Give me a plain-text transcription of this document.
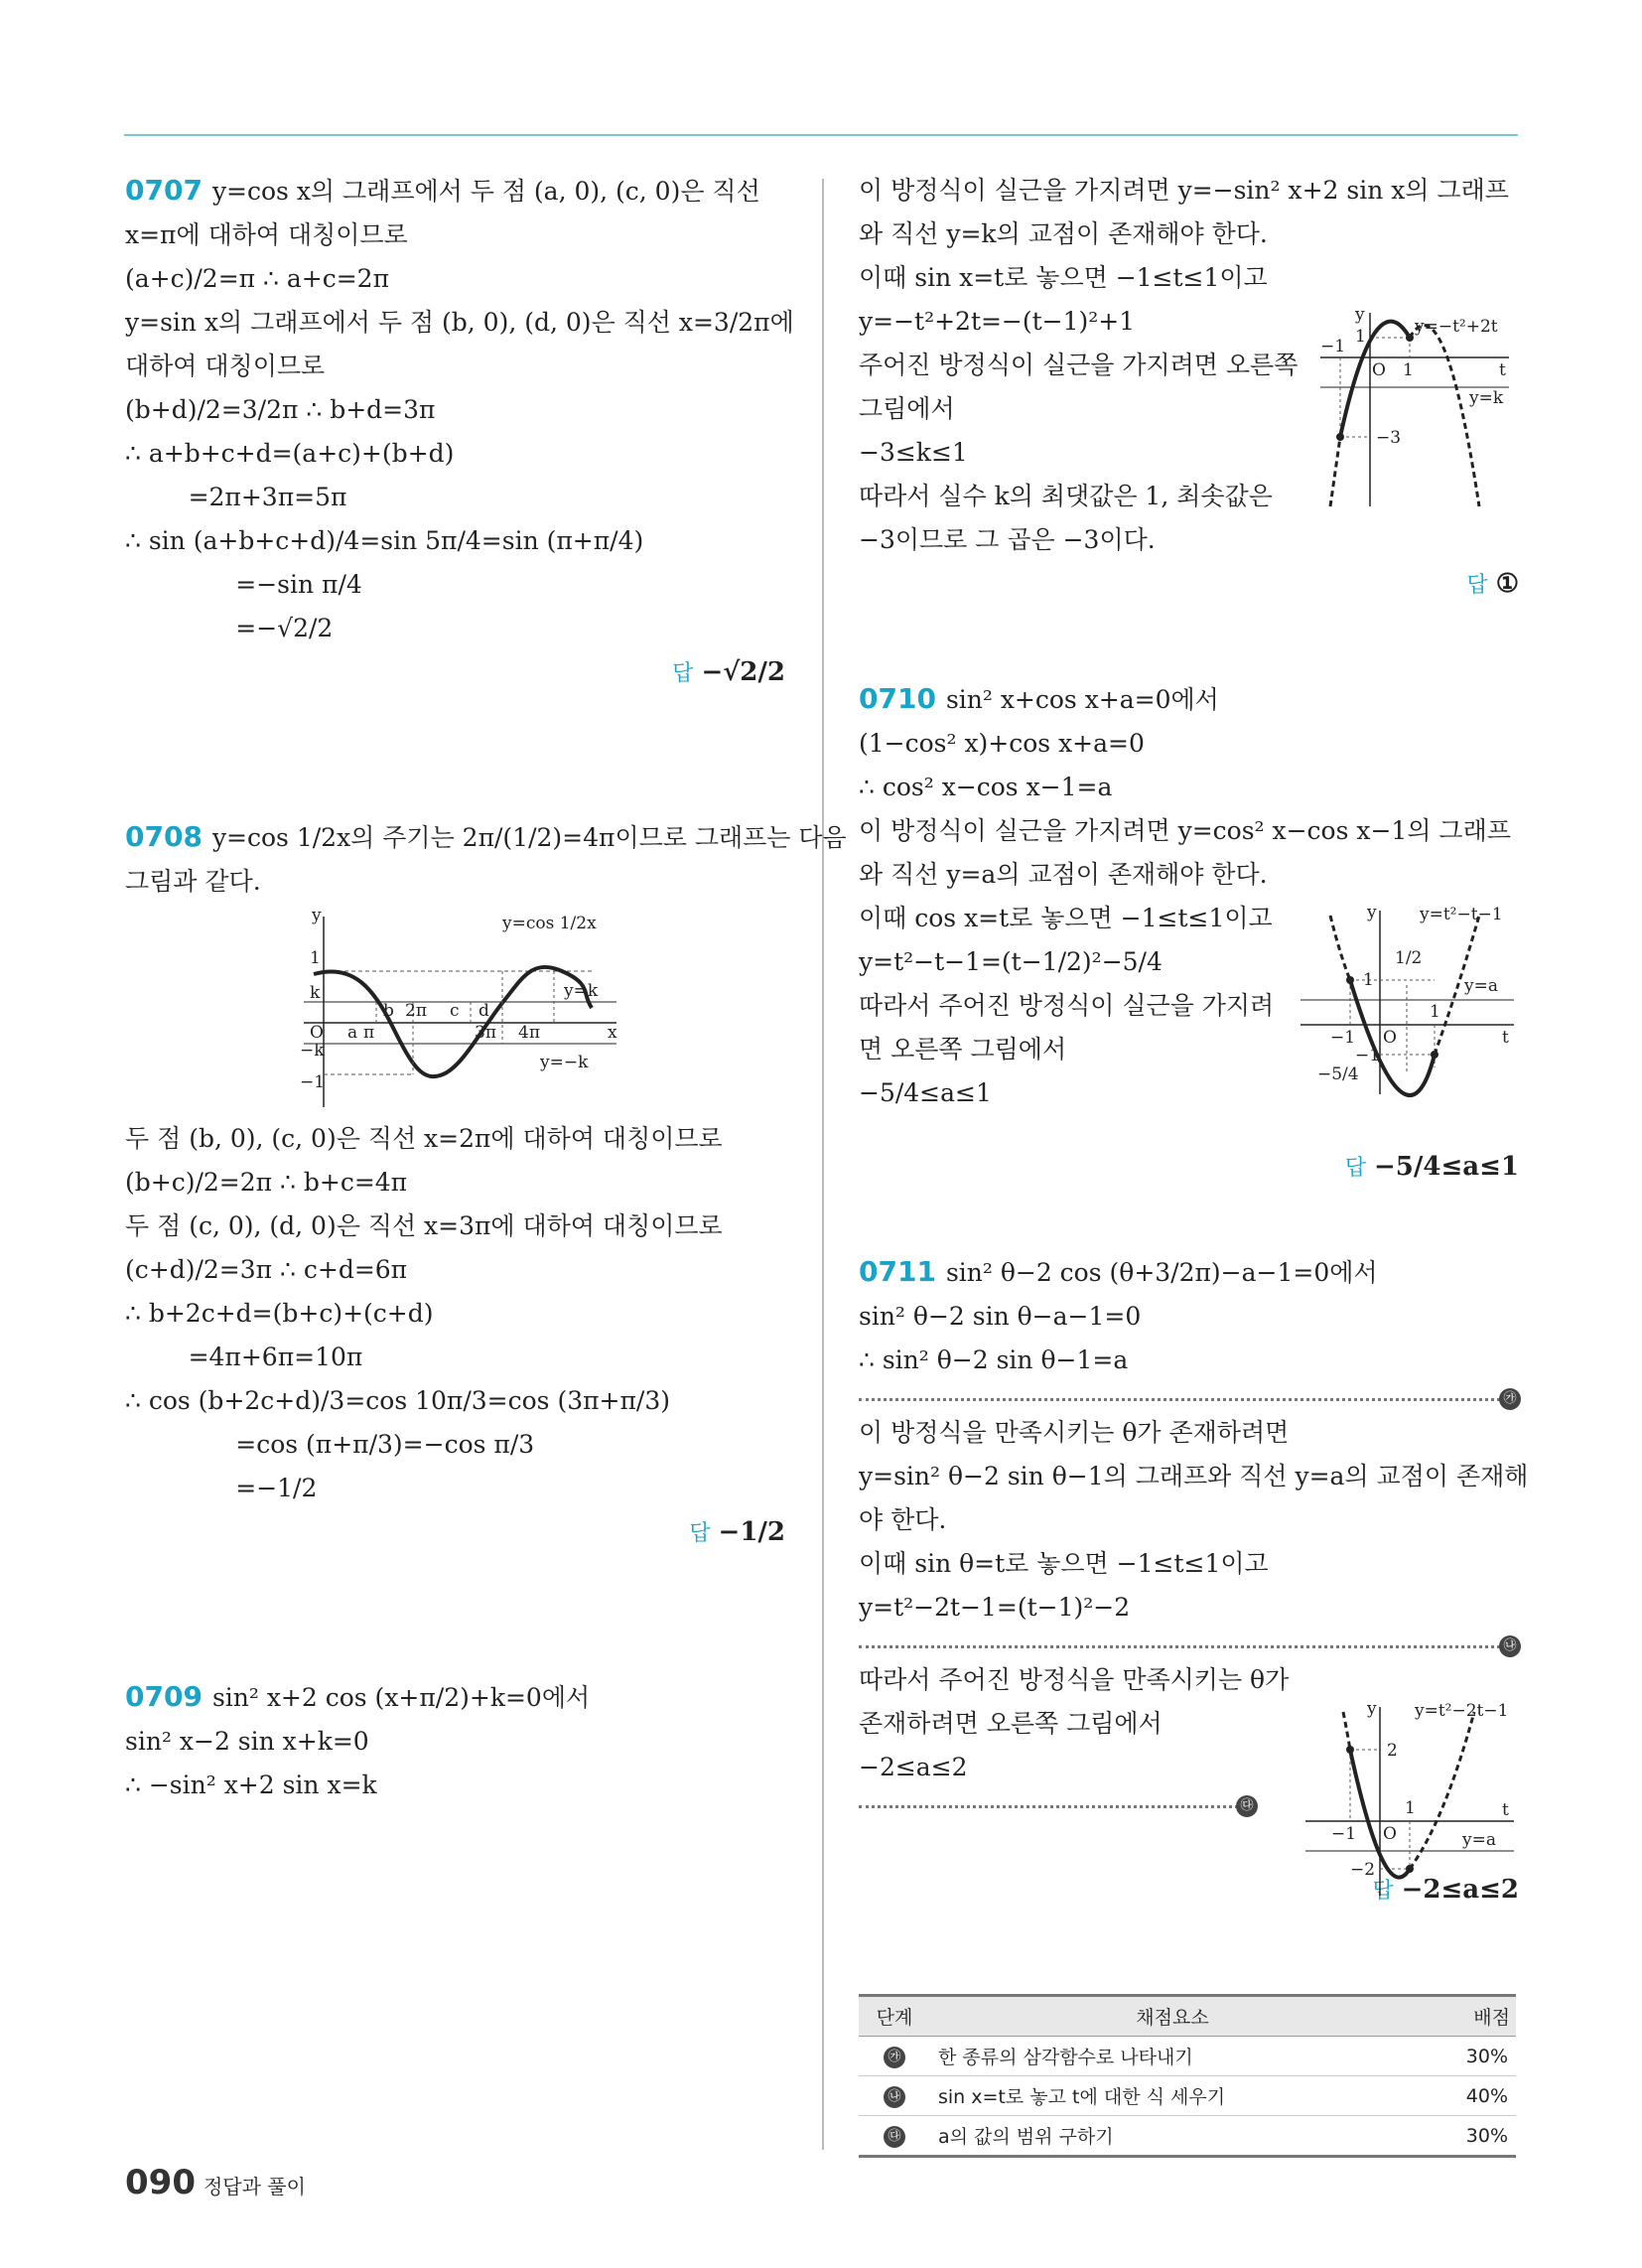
0707 y=cos x의 그래프에서 두 점 (a, 0), (c, 0)은 직선
x=π에 대하여 대칭이므로
(a+c)/2=π ∴ a+c=2π
y=sin x의 그래프에서 두 점 (b, 0), (d, 0)은 직선 x=3/2π에
대하여 대칭이므로
(b+d)/2=3/2π ∴ b+d=3π
∴ a+b+c+d=(a+c)+(b+d)
=2π+3π=5π
∴ sin (a+b+c+d)/4=sin 5π/4=sin (π+π/4)
=−sin π/4
=−√2/2
답 −√2/2
0708 y=cos 1/2x의 주기는 2π/(1/2)=4π이므로 그래프는 다음
그림과 같다.
y
x
O
1
−1
k
−k
a π
b 2π c d
3π 4π
y=cos 1/2x
y=k
y=−k
두 점 (b, 0), (c, 0)은 직선 x=2π에 대하여 대칭이므로
(b+c)/2=2π ∴ b+c=4π
두 점 (c, 0), (d, 0)은 직선 x=3π에 대하여 대칭이므로
(c+d)/2=3π ∴ c+d=6π
∴ b+2c+d=(b+c)+(c+d)
=4π+6π=10π
∴ cos (b+2c+d)/3=cos 10π/3=cos (3π+π/3)
=cos (π+π/3)=−cos π/3
=−1/2
답 −1/2
0709 sin² x+2 cos (x+π/2)+k=0에서
sin² x−2 sin x+k=0
∴ −sin² x+2 sin x=k
이 방정식이 실근을 가지려면 y=−sin² x+2 sin x의 그래프
와 직선 y=k의 교점이 존재해야 한다.
이때 sin x=t로 놓으면 −1≤t≤1이고
y=−t²+2t=−(t−1)²+1
주어진 방정식이 실근을 가지려면 오른쪽
그림에서
−3≤k≤1
따라서 실수 k의 최댓값은 1, 최솟값은
−3이므로 그 곱은 −3이다.
y
t
O
1
1
−1
−3
y=−t²+2t
y=k
답 ①
0710 sin² x+cos x+a=0에서
(1−cos² x)+cos x+a=0
∴ cos² x−cos x−1=a
이 방정식이 실근을 가지려면 y=cos² x−cos x−1의 그래프
와 직선 y=a의 교점이 존재해야 한다.
이때 cos x=t로 놓으면 −1≤t≤1이고
y=t²−t−1=(t−1/2)²−5/4
따라서 주어진 방정식이 실근을 가지려
면 오른쪽 그림에서
−5/4≤a≤1
y
t
O
1/2
1
1
−1
−1
−5/4
y=t²−t−1
y=a
답 −5/4≤a≤1
0711 sin² θ−2 cos (θ+3/2π)−a−1=0에서
sin² θ−2 sin θ−a−1=0
∴ sin² θ−2 sin θ−1=a
㉮
이 방정식을 만족시키는 θ가 존재하려면
y=sin² θ−2 sin θ−1의 그래프와 직선 y=a의 교점이 존재해
야 한다.
이때 sin θ=t로 놓으면 −1≤t≤1이고
y=t²−2t−1=(t−1)²−2
㉯
따라서 주어진 방정식을 만족시키는 θ가
존재하려면 오른쪽 그림에서
−2≤a≤2
㉰
y
t
O
2
1
−1
−2
y=t²−2t−1
y=a
답 −2≤a≤2
단계	채점요소	배점
㉮	한 종류의 삼각함수로 나타내기	30%
㉯	sin x=t로 놓고 t에 대한 식 세우기	40%
㉰	a의 값의 범위 구하기	30%
090 정답과 풀이
